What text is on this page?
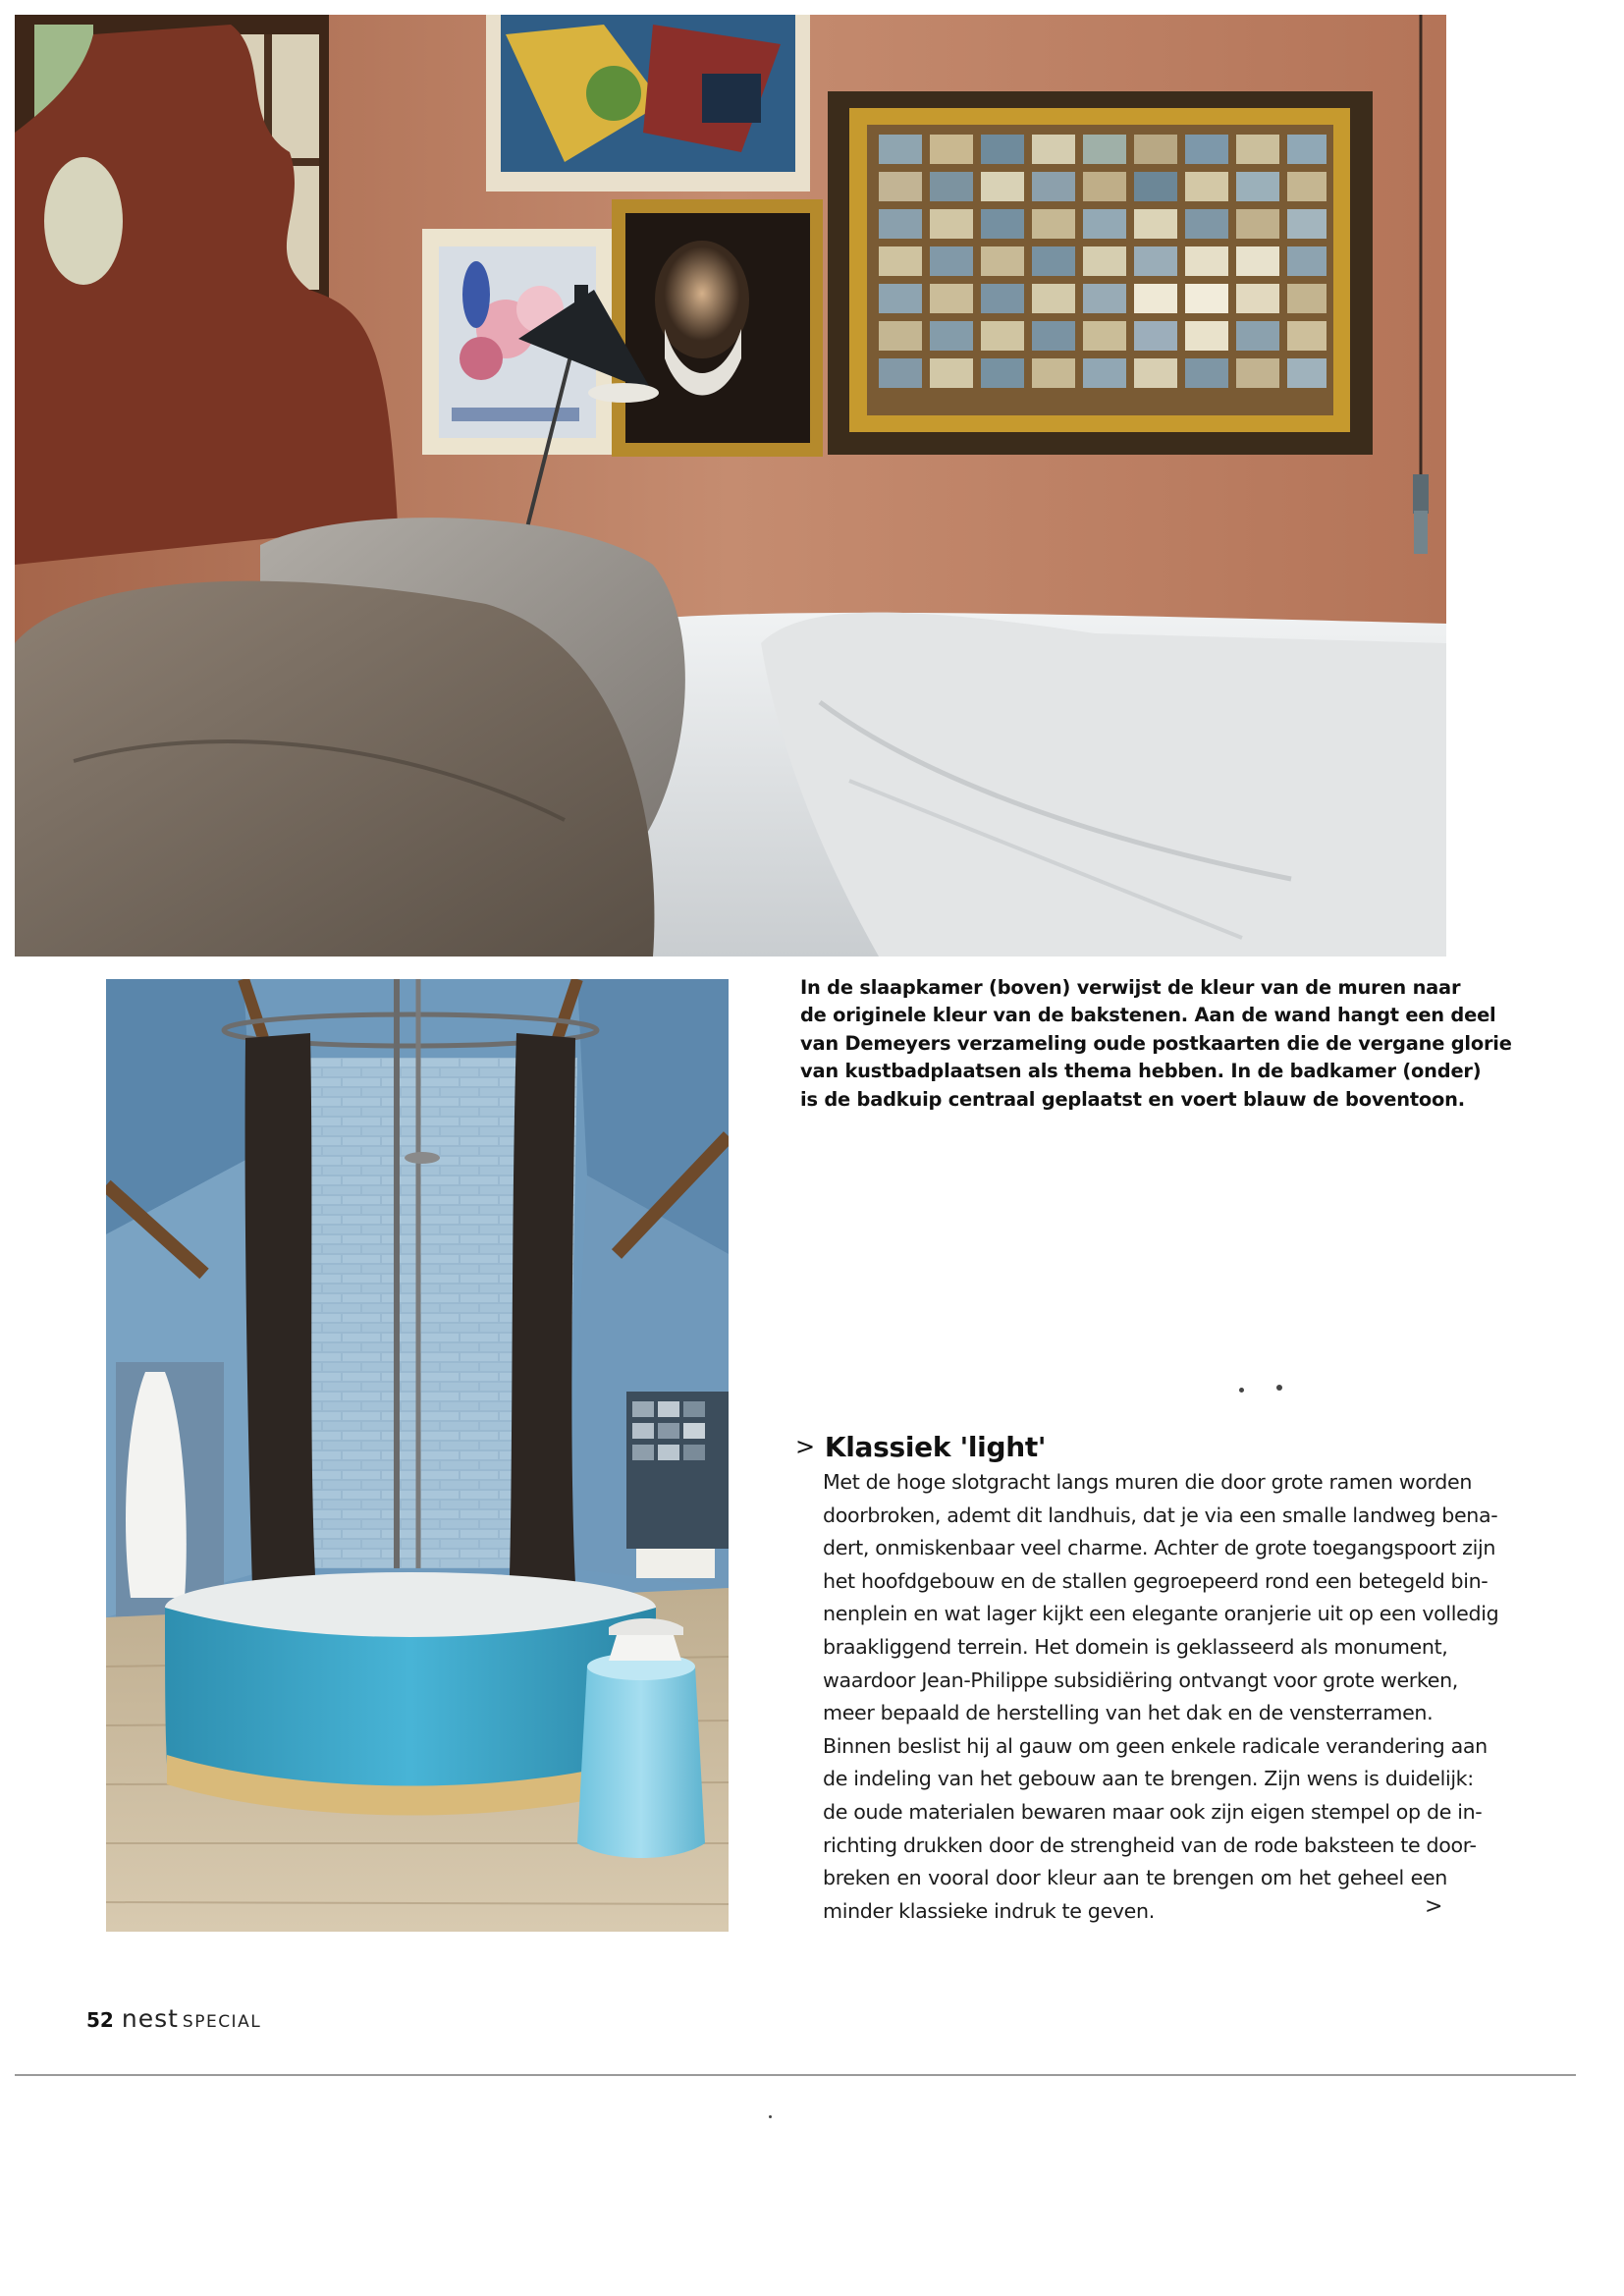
In de slaapkamer (boven) verwijst de kleur van de muren naar

de originele kleur van de bakstenen. Aan de wand hangt een deel

van Demeyers verzameling oude postkaarten die de vergane glorie

van kustbadplaatsen als thema hebben. In de badkamer (onder)

is de badkuip centraal geplaatst en voert blauw de boventoon.

> Klassiek 'light'
Met de hoge slotgracht langs muren die door grote ramen worden
doorbroken, ademt dit landhuis, dat je via een smalle landweg bena-
dert, onmiskenbaar veel charme. Achter de grote toegangspoort zijn
het hoofdgebouw en de stallen gegroepeerd rond een betegeld bin-
nenplein en wat lager kijkt een elegante oranjerie uit op een volledig
braakliggend terrein. Het domein is geklasseerd als monument,
waardoor Jean-Philippe subsidiëring ontvangt voor grote werken,
meer bepaald de herstelling van het dak en de vensterramen.
Binnen beslist hij al gauw om geen enkele radicale verandering aan
de indeling van het gebouw aan te brengen. Zijn wens is duidelijk:
de oude materialen bewaren maar ook zijn eigen stempel op de in-
richting drukken door de strengheid van de rode baksteen te door-
breken en vooral door kleur aan te brengen om het geheel een
minder klassieke indruk te geven.	>
52 nest SPECIAL
